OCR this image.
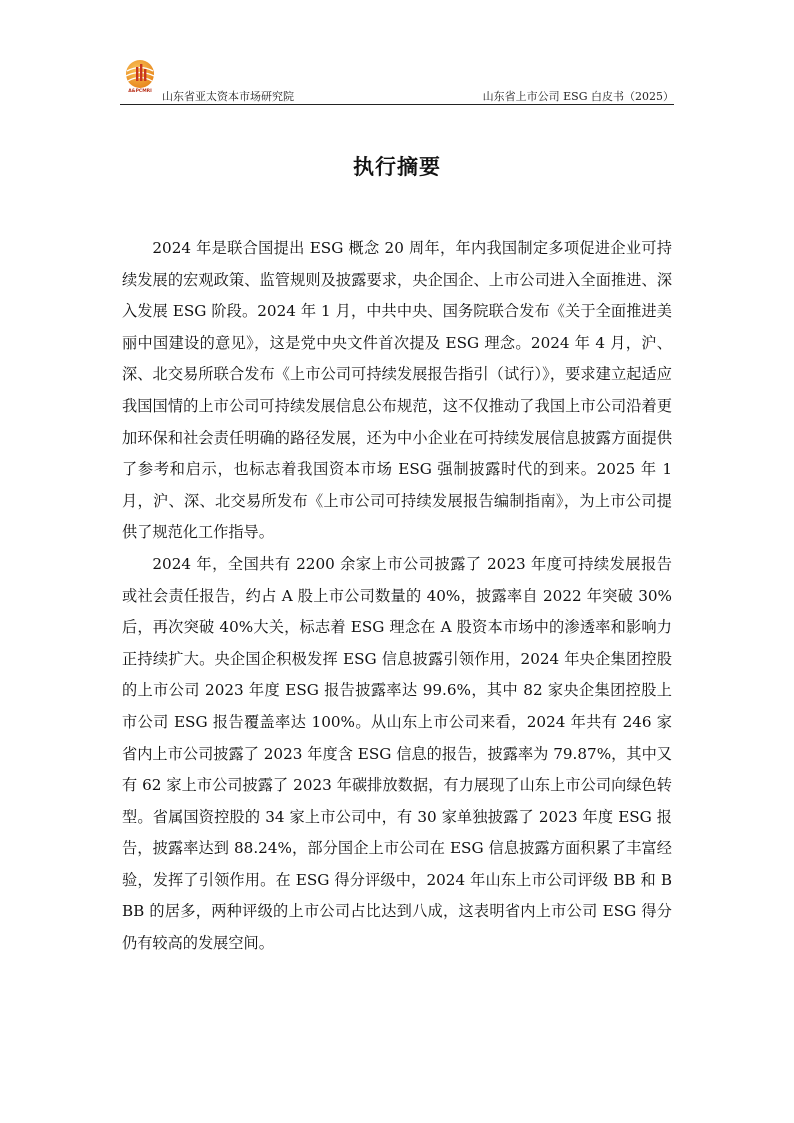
A&PCMRI 山东省亚太资本市场研究院	山东省上市公司 ESG 白皮书（2025）
执行摘要

2024 年是联合国提出 ESG 概念 20 周年，年内我国制定多项促进企业可持续发展的宏观政策、监管规则及披露要求，央企国企、上市公司进入全面推进、深入发展 ESG 阶段。2024 年 1 月，中共中央、国务院联合发布《关于全面推进美丽中国建设的意见》，这是党中央文件首次提及 ESG 理念。2024 年 4 月，沪、深、北交易所联合发布《上市公司可持续发展报告指引（试行）》，要求建立起适应我国国情的上市公司可持续发展信息公布规范，这不仅推动了我国上市公司沿着更加环保和社会责任明确的路径发展，还为中小企业在可持续发展信息披露方面提供了参考和启示，也标志着我国资本市场 ESG 强制披露时代的到来。2025 年 1 月，沪、深、北交易所发布《上市公司可持续发展报告编制指南》，为上市公司提供了规范化工作指导。

2024 年，全国共有 2200 余家上市公司披露了 2023 年度可持续发展报告或社会责任报告，约占 A 股上市公司数量的 40%，披露率自 2022 年突破 30%后，再次突破 40%大关，标志着 ESG 理念在 A 股资本市场中的渗透率和影响力正持续扩大。央企国企积极发挥 ESG 信息披露引领作用，2024 年央企集团控股的上市公司 2023 年度 ESG 报告披露率达 99.6%，其中 82 家央企集团控股上市公司 ESG 报告覆盖率达 100%。从山东上市公司来看，2024 年共有 246 家省内上市公司披露了 2023 年度含 ESG 信息的报告，披露率为 79.87%，其中又有 62 家上市公司披露了 2023 年碳排放数据，有力展现了山东上市公司向绿色转型。省属国资控股的 34 家上市公司中，有 30 家单独披露了 2023 年度 ESG 报告，披露率达到 88.24%，部分国企上市公司在 ESG 信息披露方面积累了丰富经验，发挥了引领作用。在 ESG 得分评级中，2024 年山东上市公司评级 BB 和 BBB 的居多，两种评级的上市公司占比达到八成，这表明省内上市公司 ESG 得分仍有较高的发展空间。
